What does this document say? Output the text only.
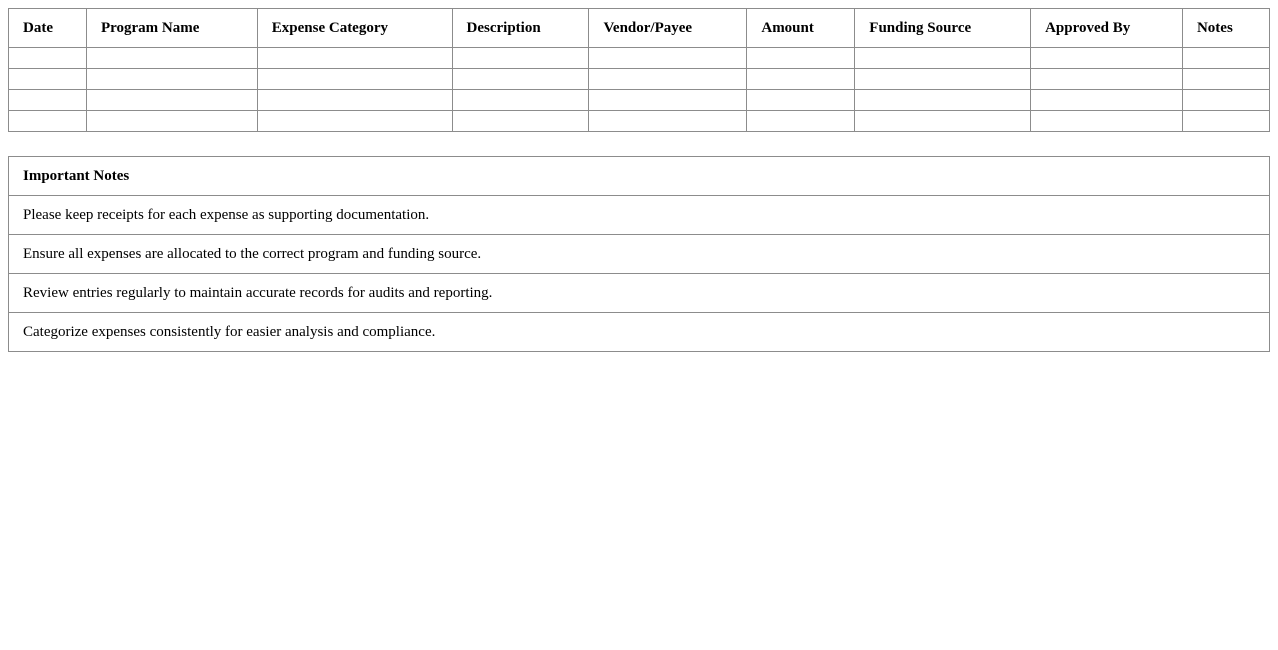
Date	Program Name	Expense Category	Description	Vendor/Payee	Amount	Funding Source	Approved By	Notes

Important Notes
Please keep receipts for each expense as supporting documentation.
Ensure all expenses are allocated to the correct program and funding source.
Review entries regularly to maintain accurate records for audits and reporting.
Categorize expenses consistently for easier analysis and compliance.
